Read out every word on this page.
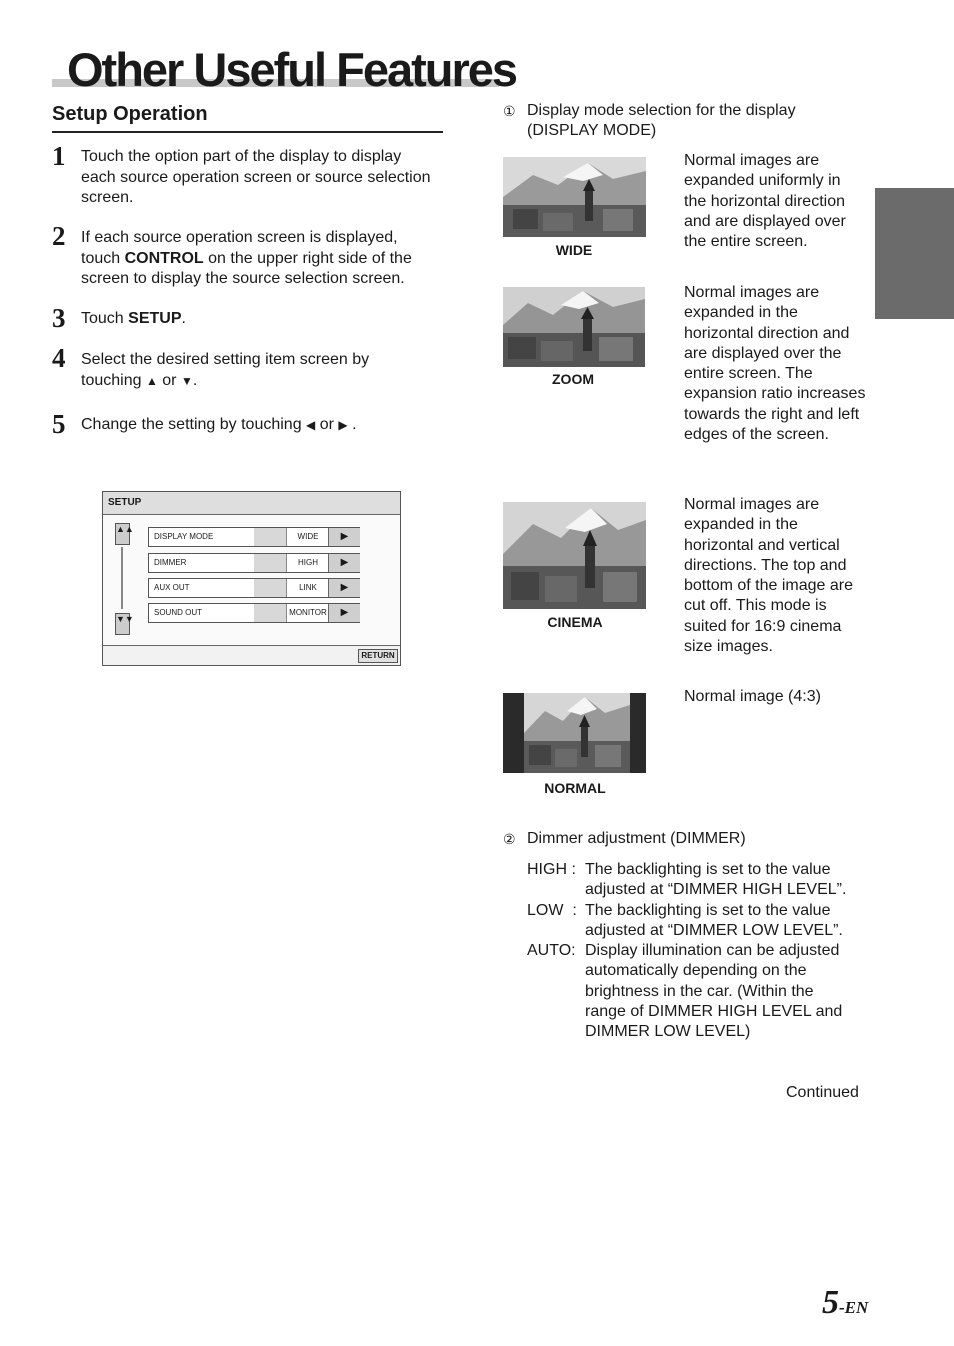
Other Useful Features
Setup Operation
1 Touch the option part of the display to display each source operation screen or source selection screen.
2 If each source operation screen is displayed, touch CONTROL on the upper right side of the screen to display the source selection screen.
3 Touch SETUP.
4 Select the desired setting item screen by touching ▲ or ▼.
5 Change the setting by touching ◀ or ▶ .
SETUP
▲▲
▼▼
DISPLAY MODE	WIDE	▶
DIMMER	HIGH	▶
AUX OUT	LINK	▶
SOUND OUT	MONITOR	▶
RETURN
① Display mode selection for the display
(DISPLAY MODE)
WIDE
Normal images are expanded uniformly in the horizontal direction and are displayed over the entire screen.
ZOOM
Normal images are expanded in the horizontal direction and are displayed over the entire screen. The expansion ratio increases towards the right and left edges of the screen.
CINEMA
Normal images are expanded in the horizontal and vertical directions. The top and bottom of the image are cut off. This mode is suited for 16:9 cinema size images.
NORMAL
Normal image (4:3)
② Dimmer adjustment (DIMMER)
HIGH : The backlighting is set to the value
adjusted at “DIMMER HIGH LEVEL”.
LOW  : The backlighting is set to the value
adjusted at “DIMMER LOW LEVEL”.
AUTO: Display illumination can be adjusted
automatically depending on the
brightness in the car. (Within the
range of DIMMER HIGH LEVEL and
DIMMER LOW LEVEL)
Continued
5-EN
